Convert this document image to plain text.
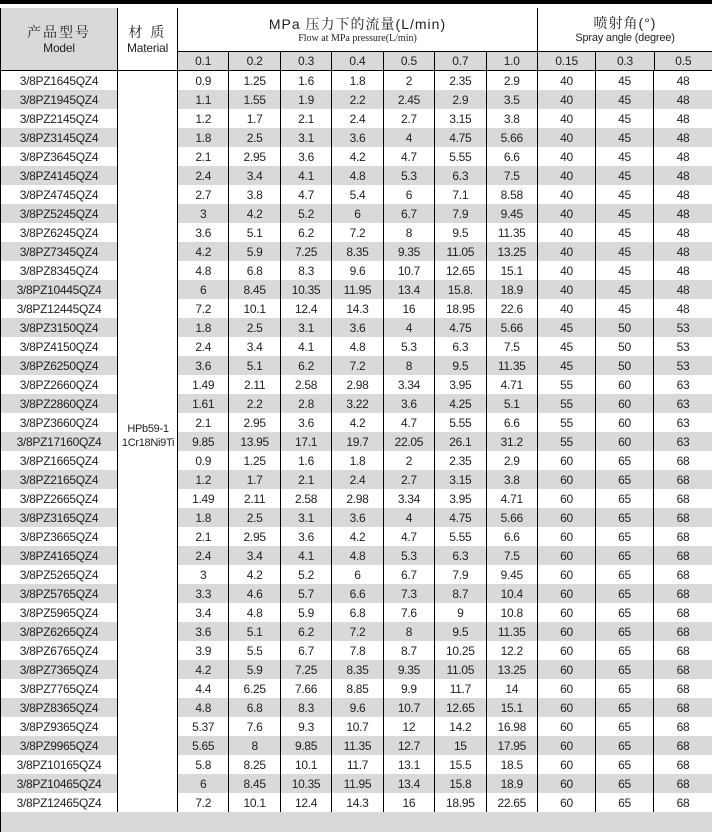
产品型号
Model
材 质
Material
MPa 压力下的流量(L/min)
Flow at MPa pressure(L/min)
0.1	0.2	0.3	0.4	0.5	0.7	1.0
喷射角(°)
Spray angle (degree)
0.15	0.3	0.5
3/8PZ1645QZ4	0.9	1.25	1.6	1.8	2	2.35	2.9	40	45	48
3/8PZ1945QZ4	1.1	1.55	1.9	2.2	2.45	2.9	3.5	40	45	48
3/8PZ2145QZ4	1.2	1.7	2.1	2.4	2.7	3.15	3.8	40	45	48
3/8PZ3145QZ4	1.8	2.5	3.1	3.6	4	4.75	5.66	40	45	48
3/8PZ3645QZ4	2.1	2.95	3.6	4.2	4.7	5.55	6.6	40	45	48
3/8PZ4145QZ4	2.4	3.4	4.1	4.8	5.3	6.3	7.5	40	45	48
3/8PZ4745QZ4	2.7	3.8	4.7	5.4	6	7.1	8.58	40	45	48
3/8PZ5245QZ4	3	4.2	5.2	6	6.7	7.9	9.45	40	45	48
3/8PZ6245QZ4	3.6	5.1	6.2	7.2	8	9.5	11.35	40	45	48
3/8PZ7345QZ4	4.2	5.9	7.25	8.35	9.35	11.05	13.25	40	45	48
3/8PZ8345QZ4	4.8	6.8	8.3	9.6	10.7	12.65	15.1	40	45	48
3/8PZ10445QZ4	6	8.45	10.35	11.95	13.4	15.8.	18.9	40	45	48
3/8PZ12445QZ4	7.2	10.1	12.4	14.3	16	18.95	22.6	40	45	48
3/8PZ3150QZ4	1.8	2.5	3.1	3.6	4	4.75	5.66	45	50	53
3/8PZ4150QZ4	2.4	3.4	4.1	4.8	5.3	6.3	7.5	45	50	53
3/8PZ6250QZ4	3.6	5.1	6.2	7.2	8	9.5	11.35	45	50	53
3/8PZ2660QZ4	1.49	2.11	2.58	2.98	3.34	3.95	4.71	55	60	63
3/8PZ2860QZ4	1.61	2.2	2.8	3.22	3.6	4.25	5.1	55	60	63
3/8PZ3660QZ4	2.1	2.95	3.6	4.2	4.7	5.55	6.6	55	60	63
3/8PZ17160QZ4	9.85	13.95	17.1	19.7	22.05	26.1	31.2	55	60	63
3/8PZ1665QZ4	0.9	1.25	1.6	1.8	2	2.35	2.9	60	65	68
3/8PZ2165QZ4	1.2	1.7	2.1	2.4	2.7	3.15	3.8	60	65	68
3/8PZ2665QZ4	1.49	2.11	2.58	2.98	3.34	3.95	4.71	60	65	68
3/8PZ3165QZ4	1.8	2.5	3.1	3.6	4	4.75	5.66	60	65	68
3/8PZ3665QZ4	2.1	2.95	3.6	4.2	4.7	5.55	6.6	60	65	68
3/8PZ4165QZ4	2.4	3.4	4.1	4.8	5.3	6.3	7.5	60	65	68
3/8PZ5265QZ4	3	4.2	5.2	6	6.7	7.9	9.45	60	65	68
3/8PZ5765QZ4	3.3	4.6	5.7	6.6	7.3	8.7	10.4	60	65	68
3/8PZ5965QZ4	3.4	4.8	5.9	6.8	7.6	9	10.8	60	65	68
3/8PZ6265QZ4	3.6	5.1	6.2	7.2	8	9.5	11.35	60	65	68
3/8PZ6765QZ4	3.9	5.5	6.7	7.8	8.7	10.25	12.2	60	65	68
3/8PZ7365QZ4	4.2	5.9	7.25	8.35	9.35	11.05	13.25	60	65	68
3/8PZ7765QZ4	4.4	6.25	7.66	8.85	9.9	11.7	14	60	65	68
3/8PZ8365QZ4	4.8	6.8	8.3	9.6	10.7	12.65	15.1	60	65	68
3/8PZ9365QZ4	5.37	7.6	9.3	10.7	12	14.2	16.98	60	65	68
3/8PZ9965QZ4	5.65	8	9.85	11.35	12.7	15	17.95	60	65	68
3/8PZ10165QZ4	5.8	8.25	10.1	11.7	13.1	15.5	18.5	60	65	68
3/8PZ10465QZ4	6	8.45	10.35	11.95	13.4	15.8	18.9	60	65	68
3/8PZ12465QZ4	7.2	10.1	12.4	14.3	16	18.95	22.65	60	65	68
HPb59-1
1Cr18Ni9Ti
